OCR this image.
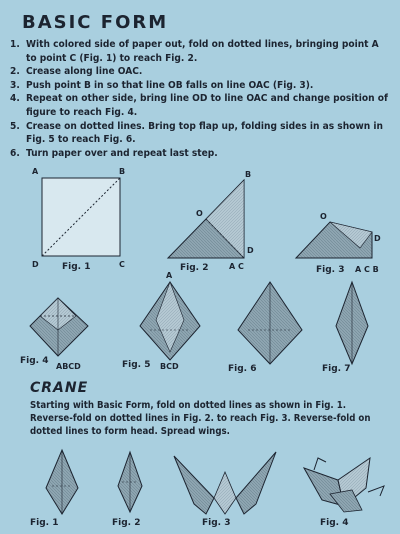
BASIC FORM
1. With colored side of paper out, fold on dotted lines, bringing point A to point C (Fig. 1) to reach Fig. 2.
2. Crease along line OAC.
3. Push point B in so that line OB falls on line OAC (Fig. 3).
4. Repeat on other side, bring line OD to line OAC and change position of figure to reach Fig. 4.
5. Crease on dotted lines. Bring top flap up, folding sides in as shown in Fig. 5 to reach Fig. 6.
6. Turn paper over and repeat last step.
A	B
C
D	Fig. 1
B
O
D
A C
Fig. 2
O
D
A C B
Fig. 3
Fig. 4
ABCD
A
Fig. 5 BCD	Fig. 6	Fig. 7
CRANE

Starting with Basic Form, fold on dotted lines as shown in Fig. 1. Reverse-fold on dotted lines in Fig. 2. to reach Fig. 3. Reverse-fold on dotted lines to form head. Spread wings.

Fig. 1	Fig. 2	Fig. 3	Fig. 4
